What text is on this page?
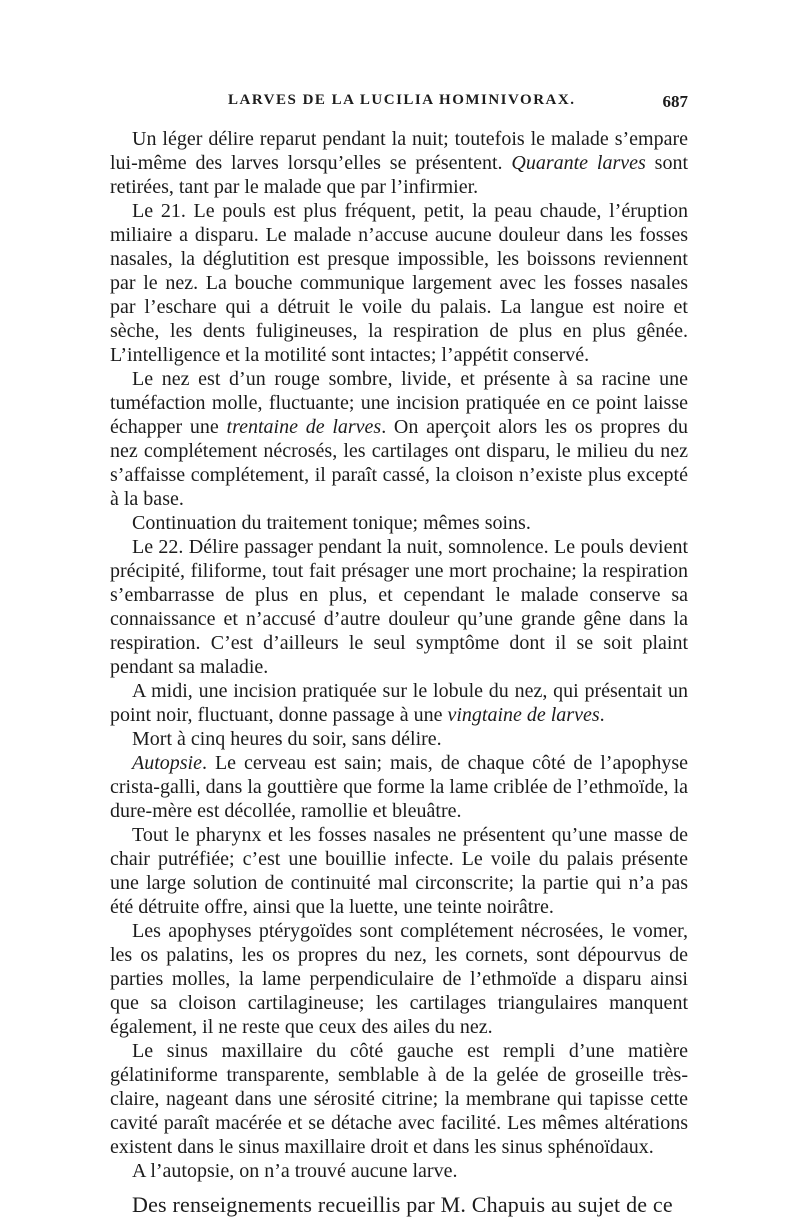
LARVES DE LA LUCILIA HOMINIVORAX.	687

Un léger délire reparut pendant la nuit; toutefois le malade s’empare lui-même des larves lorsqu’elles se présentent. Quarante larves sont retirées, tant par le malade que par l’infirmier.

Le 21. Le pouls est plus fréquent, petit, la peau chaude, l’éruption miliaire a disparu. Le malade n’accuse aucune douleur dans les fosses nasales, la déglutition est presque impossible, les boissons reviennent par le nez. La bouche communique largement avec les fosses nasales par l’eschare qui a détruit le voile du palais. La langue est noire et sèche, les dents fuligineuses, la respiration de plus en plus gênée. L’intelligence et la motilité sont intactes; l’appétit conservé.

Le nez est d’un rouge sombre, livide, et présente à sa racine une tuméfaction molle, fluctuante; une incision pratiquée en ce point laisse échapper une trentaine de larves. On aperçoit alors les os propres du nez complétement nécrosés, les cartilages ont disparu, le milieu du nez s’affaisse complétement, il paraît cassé, la cloison n’existe plus excepté à la base.

Continuation du traitement tonique; mêmes soins.

Le 22. Délire passager pendant la nuit, somnolence. Le pouls devient précipité, filiforme, tout fait présager une mort prochaine; la respiration s’embarrasse de plus en plus, et cependant le malade conserve sa connaissance et n’accusé d’autre douleur qu’une grande gêne dans la respiration. C’est d’ailleurs le seul symptôme dont il se soit plaint pendant sa maladie.

A midi, une incision pratiquée sur le lobule du nez, qui présentait un point noir, fluctuant, donne passage à une vingtaine de larves.

Mort à cinq heures du soir, sans délire.

Autopsie. Le cerveau est sain; mais, de chaque côté de l’apophyse crista-galli, dans la gouttière que forme la lame criblée de l’ethmoïde, la dure-mère est décollée, ramollie et bleuâtre.

Tout le pharynx et les fosses nasales ne présentent qu’une masse de chair putréfiée; c’est une bouillie infecte. Le voile du palais présente une large solution de continuité mal circonscrite; la partie qui n’a pas été détruite offre, ainsi que la luette, une teinte noirâtre.

Les apophyses ptérygoïdes sont complétement nécrosées, le vomer, les os palatins, les os propres du nez, les cornets, sont dépourvus de parties molles, la lame perpendiculaire de l’ethmoïde a disparu ainsi que sa cloison cartilagineuse; les cartilages triangulaires manquent également, il ne reste que ceux des ailes du nez.

Le sinus maxillaire du côté gauche est rempli d’une matière gélatiniforme transparente, semblable à de la gelée de groseille très-claire, nageant dans une sérosité citrine; la membrane qui tapisse cette cavité paraît macérée et se détache avec facilité. Les mêmes altérations existent dans le sinus maxillaire droit et dans les sinus sphénoïdaux.

A l’autopsie, on n’a trouvé aucune larve.

Des renseignements recueillis par M. Chapuis au sujet de ce
